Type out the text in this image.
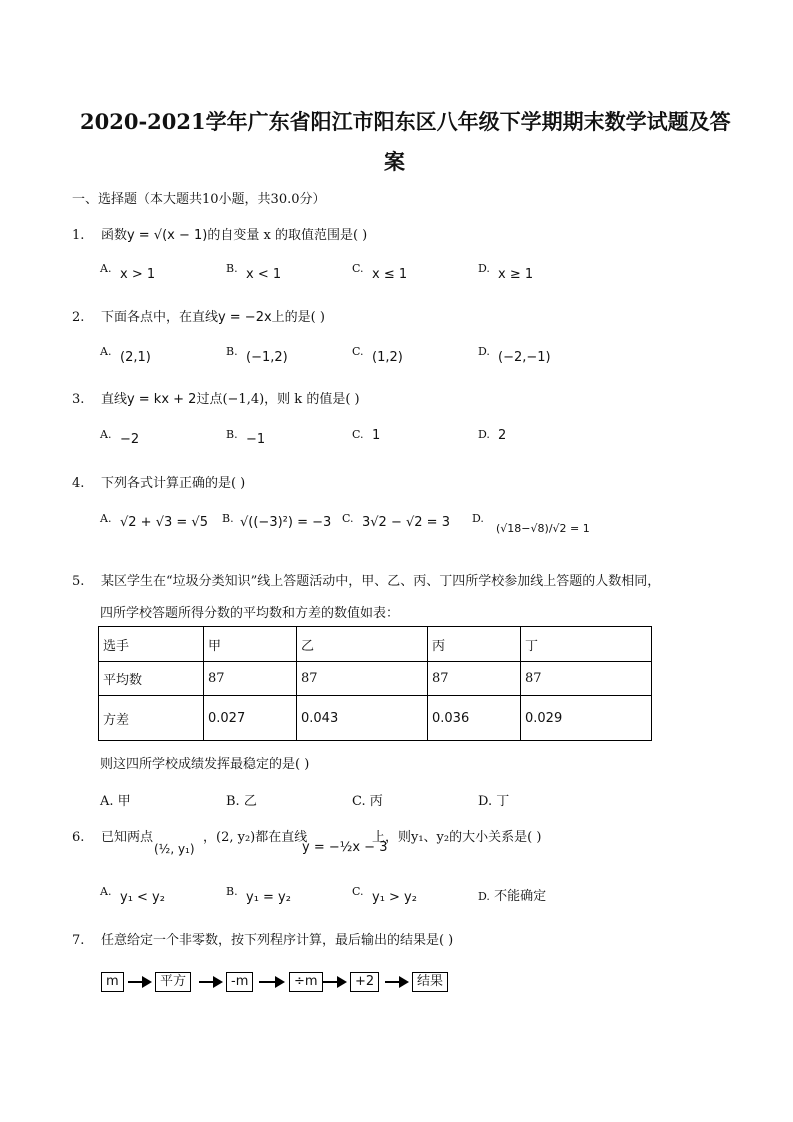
2020-2021学年广东省阳江市阳东区八年级下学期期末数学试题及答
案
一、选择题（本大题共10小题，共30.0分）
1. 函数y = √(x − 1)的自变量 x 的取值范围是( )
A. x > 1	B. x < 1	C. x ≤ 1	D. x ≥ 1
2. 下面各点中，在直线y = −2x上的是( )
A. (2,1)	B. (−1,2)	C. (1,2)	D. (−2,−1)
3. 直线y = kx + 2过点(−1,4)，则 k 的值是( )
A. −2	B. −1	C. 1	D. 2
4. 下列各式计算正确的是( )
A. √2 + √3 = √5 B. √((−3)²) = −3 C. 3√2 − √2 = 3 D.
(√18−√8)/√2 = 1
5. 某区学生在“垃圾分类知识”线上答题活动中，甲、乙、丙、丁四所学校参加线上答题的人数相同，
四所学校答题所得分数的平均数和方差的数值如表：
选手	甲	乙	丙	丁
平均数	87	87	87	87
方差	0.027	0.043	0.036	0.029
则这四所学校成绩发挥最稳定的是( )
A. 甲	B. 乙	C. 丙	D. 丁
6. 已知两点
(½, y₁)
，(2, y₂)都在直线
y = −½x − 3
上，则y₁、y₂的大小关系是( )
A. y₁ < y₂	B. y₁ = y₂	C. y₁ > y₂	D. 不能确定
7. 任意给定一个非零数，按下列程序计算，最后输出的结果是( )
m	平方	-m	÷m	+2	结果
